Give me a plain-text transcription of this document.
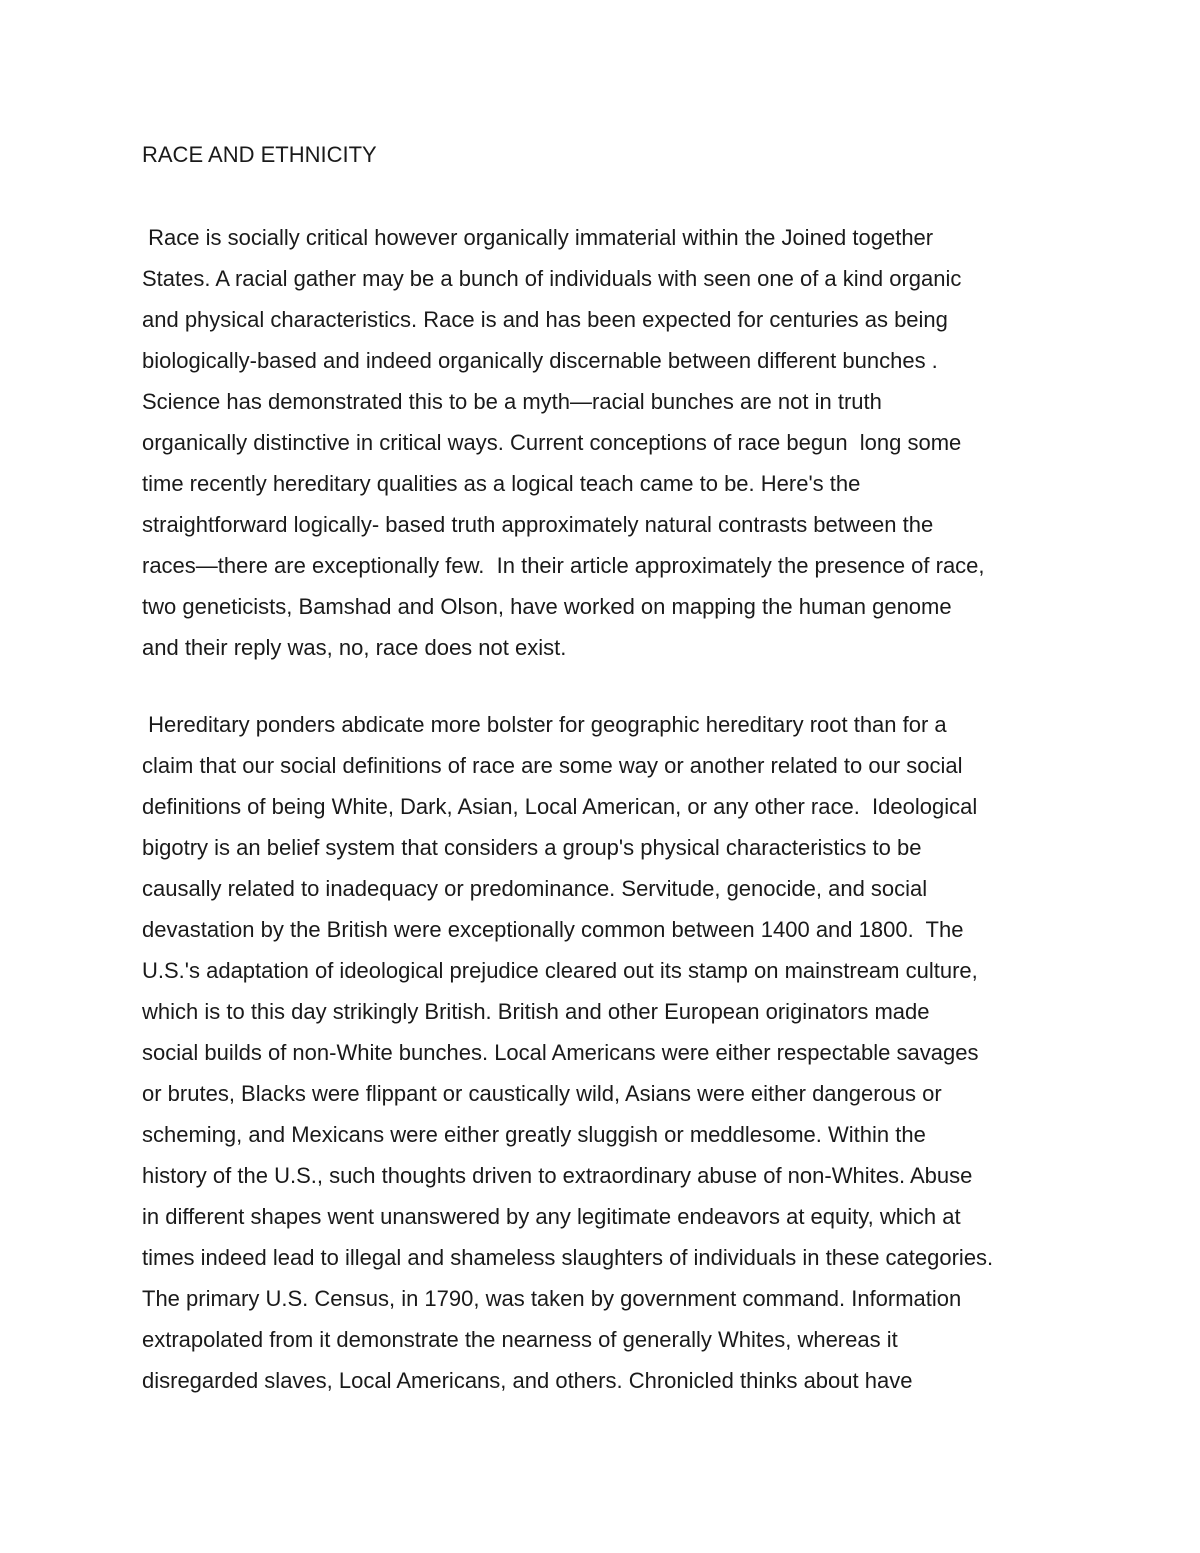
RACE AND ETHNICITY
Race is socially critical however organically immaterial within the Joined together
States. A racial gather may be a bunch of individuals with seen one of a kind organic
and physical characteristics. Race is and has been expected for centuries as being
biologically-based and indeed organically discernable between different bunches .
Science has demonstrated this to be a myth—racial bunches are not in truth
organically distinctive in critical ways. Current conceptions of race begun  long some
time recently hereditary qualities as a logical teach came to be. Here's the
straightforward logically- based truth approximately natural contrasts between the
races—there are exceptionally few.  In their article approximately the presence of race,
two geneticists, Bamshad and Olson, have worked on mapping the human genome
and their reply was, no, race does not exist.
Hereditary ponders abdicate more bolster for geographic hereditary root than for a
claim that our social definitions of race are some way or another related to our social
definitions of being White, Dark, Asian, Local American, or any other race.  Ideological
bigotry is an belief system that considers a group's physical characteristics to be
causally related to inadequacy or predominance. Servitude, genocide, and social
devastation by the British were exceptionally common between 1400 and 1800.  The
U.S.'s adaptation of ideological prejudice cleared out its stamp on mainstream culture,
which is to this day strikingly British. British and other European originators made
social builds of non-White bunches. Local Americans were either respectable savages
or brutes, Blacks were flippant or caustically wild, Asians were either dangerous or
scheming, and Mexicans were either greatly sluggish or meddlesome. Within the
history of the U.S., such thoughts driven to extraordinary abuse of non-Whites. Abuse
in different shapes went unanswered by any legitimate endeavors at equity, which at
times indeed lead to illegal and shameless slaughters of individuals in these categories.
The primary U.S. Census, in 1790, was taken by government command. Information
extrapolated from it demonstrate the nearness of generally Whites, whereas it
disregarded slaves, Local Americans, and others. Chronicled thinks about have
